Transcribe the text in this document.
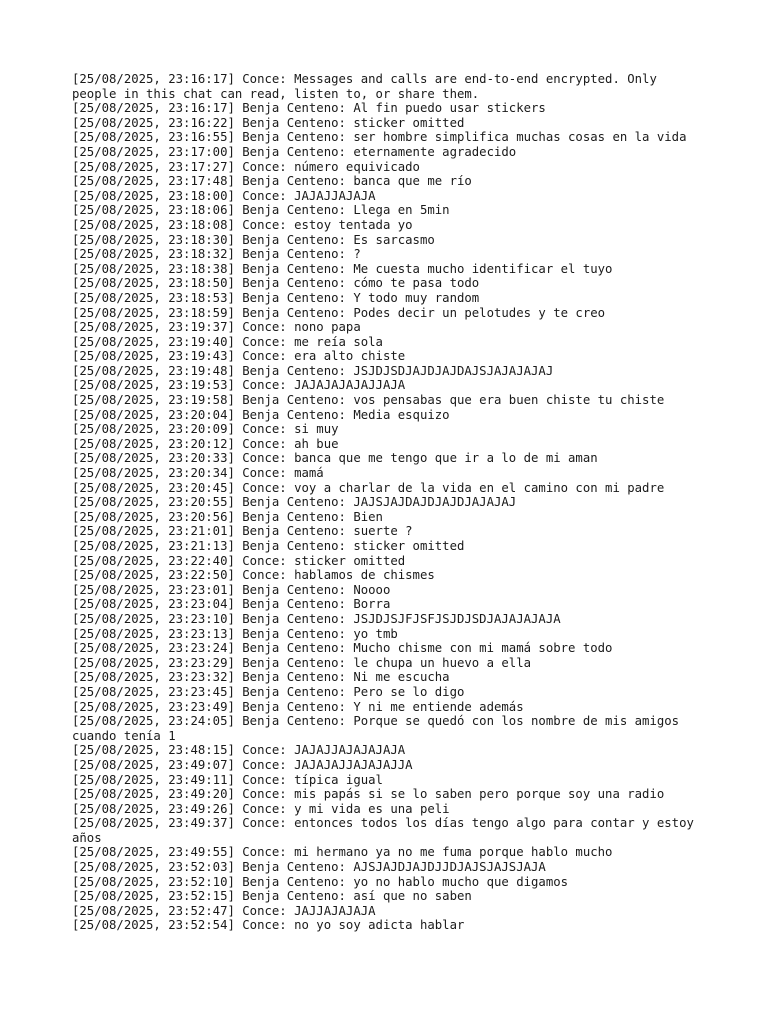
[25/08/2025, 23:16:17] Conce: Messages and calls are end-to-end encrypted. Only people in this chat can read, listen to, or share them.
[25/08/2025, 23:16:17] Benja Centeno: Al fin puedo usar stickers
[25/08/2025, 23:16:22] Benja Centeno: sticker omitted
[25/08/2025, 23:16:55] Benja Centeno: ser hombre simplifica muchas cosas en la vida
[25/08/2025, 23:17:00] Benja Centeno: eternamente agradecido
[25/08/2025, 23:17:27] Conce: número equivicado
[25/08/2025, 23:17:48] Benja Centeno: banca que me río
[25/08/2025, 23:18:00] Conce: JAJAJJAJAJA
[25/08/2025, 23:18:06] Benja Centeno: Llega en 5min
[25/08/2025, 23:18:08] Conce: estoy tentada yo
[25/08/2025, 23:18:30] Benja Centeno: Es sarcasmo
[25/08/2025, 23:18:32] Benja Centeno: ?
[25/08/2025, 23:18:38] Benja Centeno: Me cuesta mucho identificar el tuyo
[25/08/2025, 23:18:50] Benja Centeno: cómo te pasa todo
[25/08/2025, 23:18:53] Benja Centeno: Y todo muy random
[25/08/2025, 23:18:59] Benja Centeno: Podes decir un pelotudes y te creo
[25/08/2025, 23:19:37] Conce: nono papa
[25/08/2025, 23:19:40] Conce: me reía sola
[25/08/2025, 23:19:43] Conce: era alto chiste
[25/08/2025, 23:19:48] Benja Centeno: JSJDJSDJAJDJAJDAJSJAJAJAJAJ
[25/08/2025, 23:19:53] Conce: JAJAJAJAJAJJAJA
[25/08/2025, 23:19:58] Benja Centeno: vos pensabas que era buen chiste tu chiste
[25/08/2025, 23:20:04] Benja Centeno: Media esquizo
[25/08/2025, 23:20:09] Conce: si muy
[25/08/2025, 23:20:12] Conce: ah bue
[25/08/2025, 23:20:33] Conce: banca que me tengo que ir a lo de mi aman
[25/08/2025, 23:20:34] Conce: mamá
[25/08/2025, 23:20:45] Conce: voy a charlar de la vida en el camino con mi padre
[25/08/2025, 23:20:55] Benja Centeno: JAJSJAJDAJDJAJDJAJAJAJ
[25/08/2025, 23:20:56] Benja Centeno: Bien
[25/08/2025, 23:21:01] Benja Centeno: suerte ?
[25/08/2025, 23:21:13] Benja Centeno: sticker omitted
[25/08/2025, 23:22:40] Conce: sticker omitted
[25/08/2025, 23:22:50] Conce: hablamos de chismes
[25/08/2025, 23:23:01] Benja Centeno: Noooo
[25/08/2025, 23:23:04] Benja Centeno: Borra
[25/08/2025, 23:23:10] Benja Centeno: JSJDJSJFJSFJSJDJSDJAJAJAJAJA
[25/08/2025, 23:23:13] Benja Centeno: yo tmb
[25/08/2025, 23:23:24] Benja Centeno: Mucho chisme con mi mamá sobre todo
[25/08/2025, 23:23:29] Benja Centeno: le chupa un huevo a ella
[25/08/2025, 23:23:32] Benja Centeno: Ni me escucha
[25/08/2025, 23:23:45] Benja Centeno: Pero se lo digo
[25/08/2025, 23:23:49] Benja Centeno: Y ni me entiende además
[25/08/2025, 23:24:05] Benja Centeno: Porque se quedó con los nombre de mis amigos cuando tenía 1
[25/08/2025, 23:48:15] Conce: JAJAJJAJAJAJAJA
[25/08/2025, 23:49:07] Conce: JAJAJAJJAJAJAJJA
[25/08/2025, 23:49:11] Conce: típica igual
[25/08/2025, 23:49:20] Conce: mis papás si se lo saben pero porque soy una radio
[25/08/2025, 23:49:26] Conce: y mi vida es una peli
[25/08/2025, 23:49:37] Conce: entonces todos los días tengo algo para contar y estoy años
[25/08/2025, 23:49:55] Conce: mi hermano ya no me fuma porque hablo mucho
[25/08/2025, 23:52:03] Benja Centeno: AJSJAJDJAJDJJDJAJSJAJSJAJA
[25/08/2025, 23:52:10] Benja Centeno: yo no hablo mucho que digamos
[25/08/2025, 23:52:15] Benja Centeno: así que no saben
[25/08/2025, 23:52:47] Conce: JAJJAJAJAJA
[25/08/2025, 23:52:54] Conce: no yo soy adicta hablar
